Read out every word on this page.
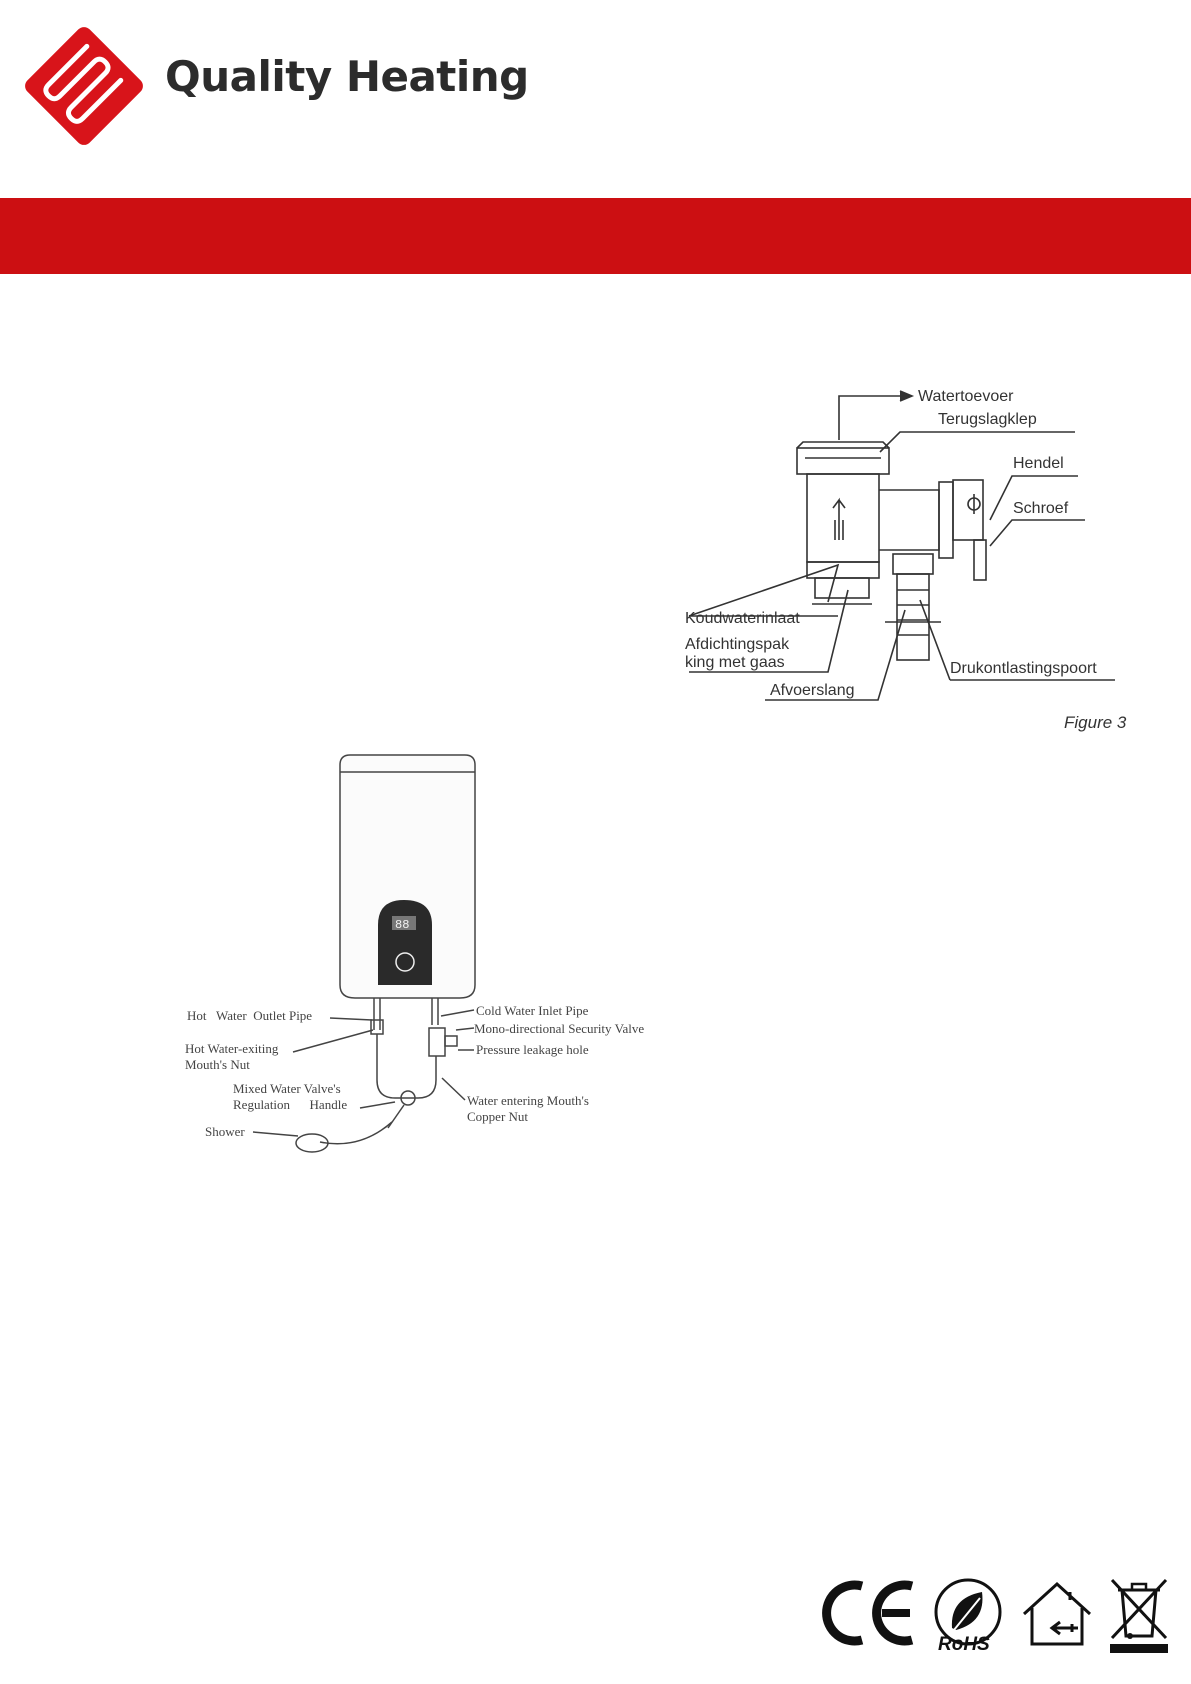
Quality Heating
Watertoevoer
Terugslagklep
Hendel
Schroef
Koudwaterinlaat
Afdichtingspak
king met gaas
Afvoerslang
Drukontlastingspoort
Figure 3
88
Hot   Water  Outlet Pipe
Hot Water-exiting
Mouth's Nut
Mixed Water Valve's
Regulation      Handle
Shower
Cold Water Inlet Pipe
Mono-directional Security Valve
Pressure leakage hole
Water entering Mouth's
Copper Nut
RoHS
